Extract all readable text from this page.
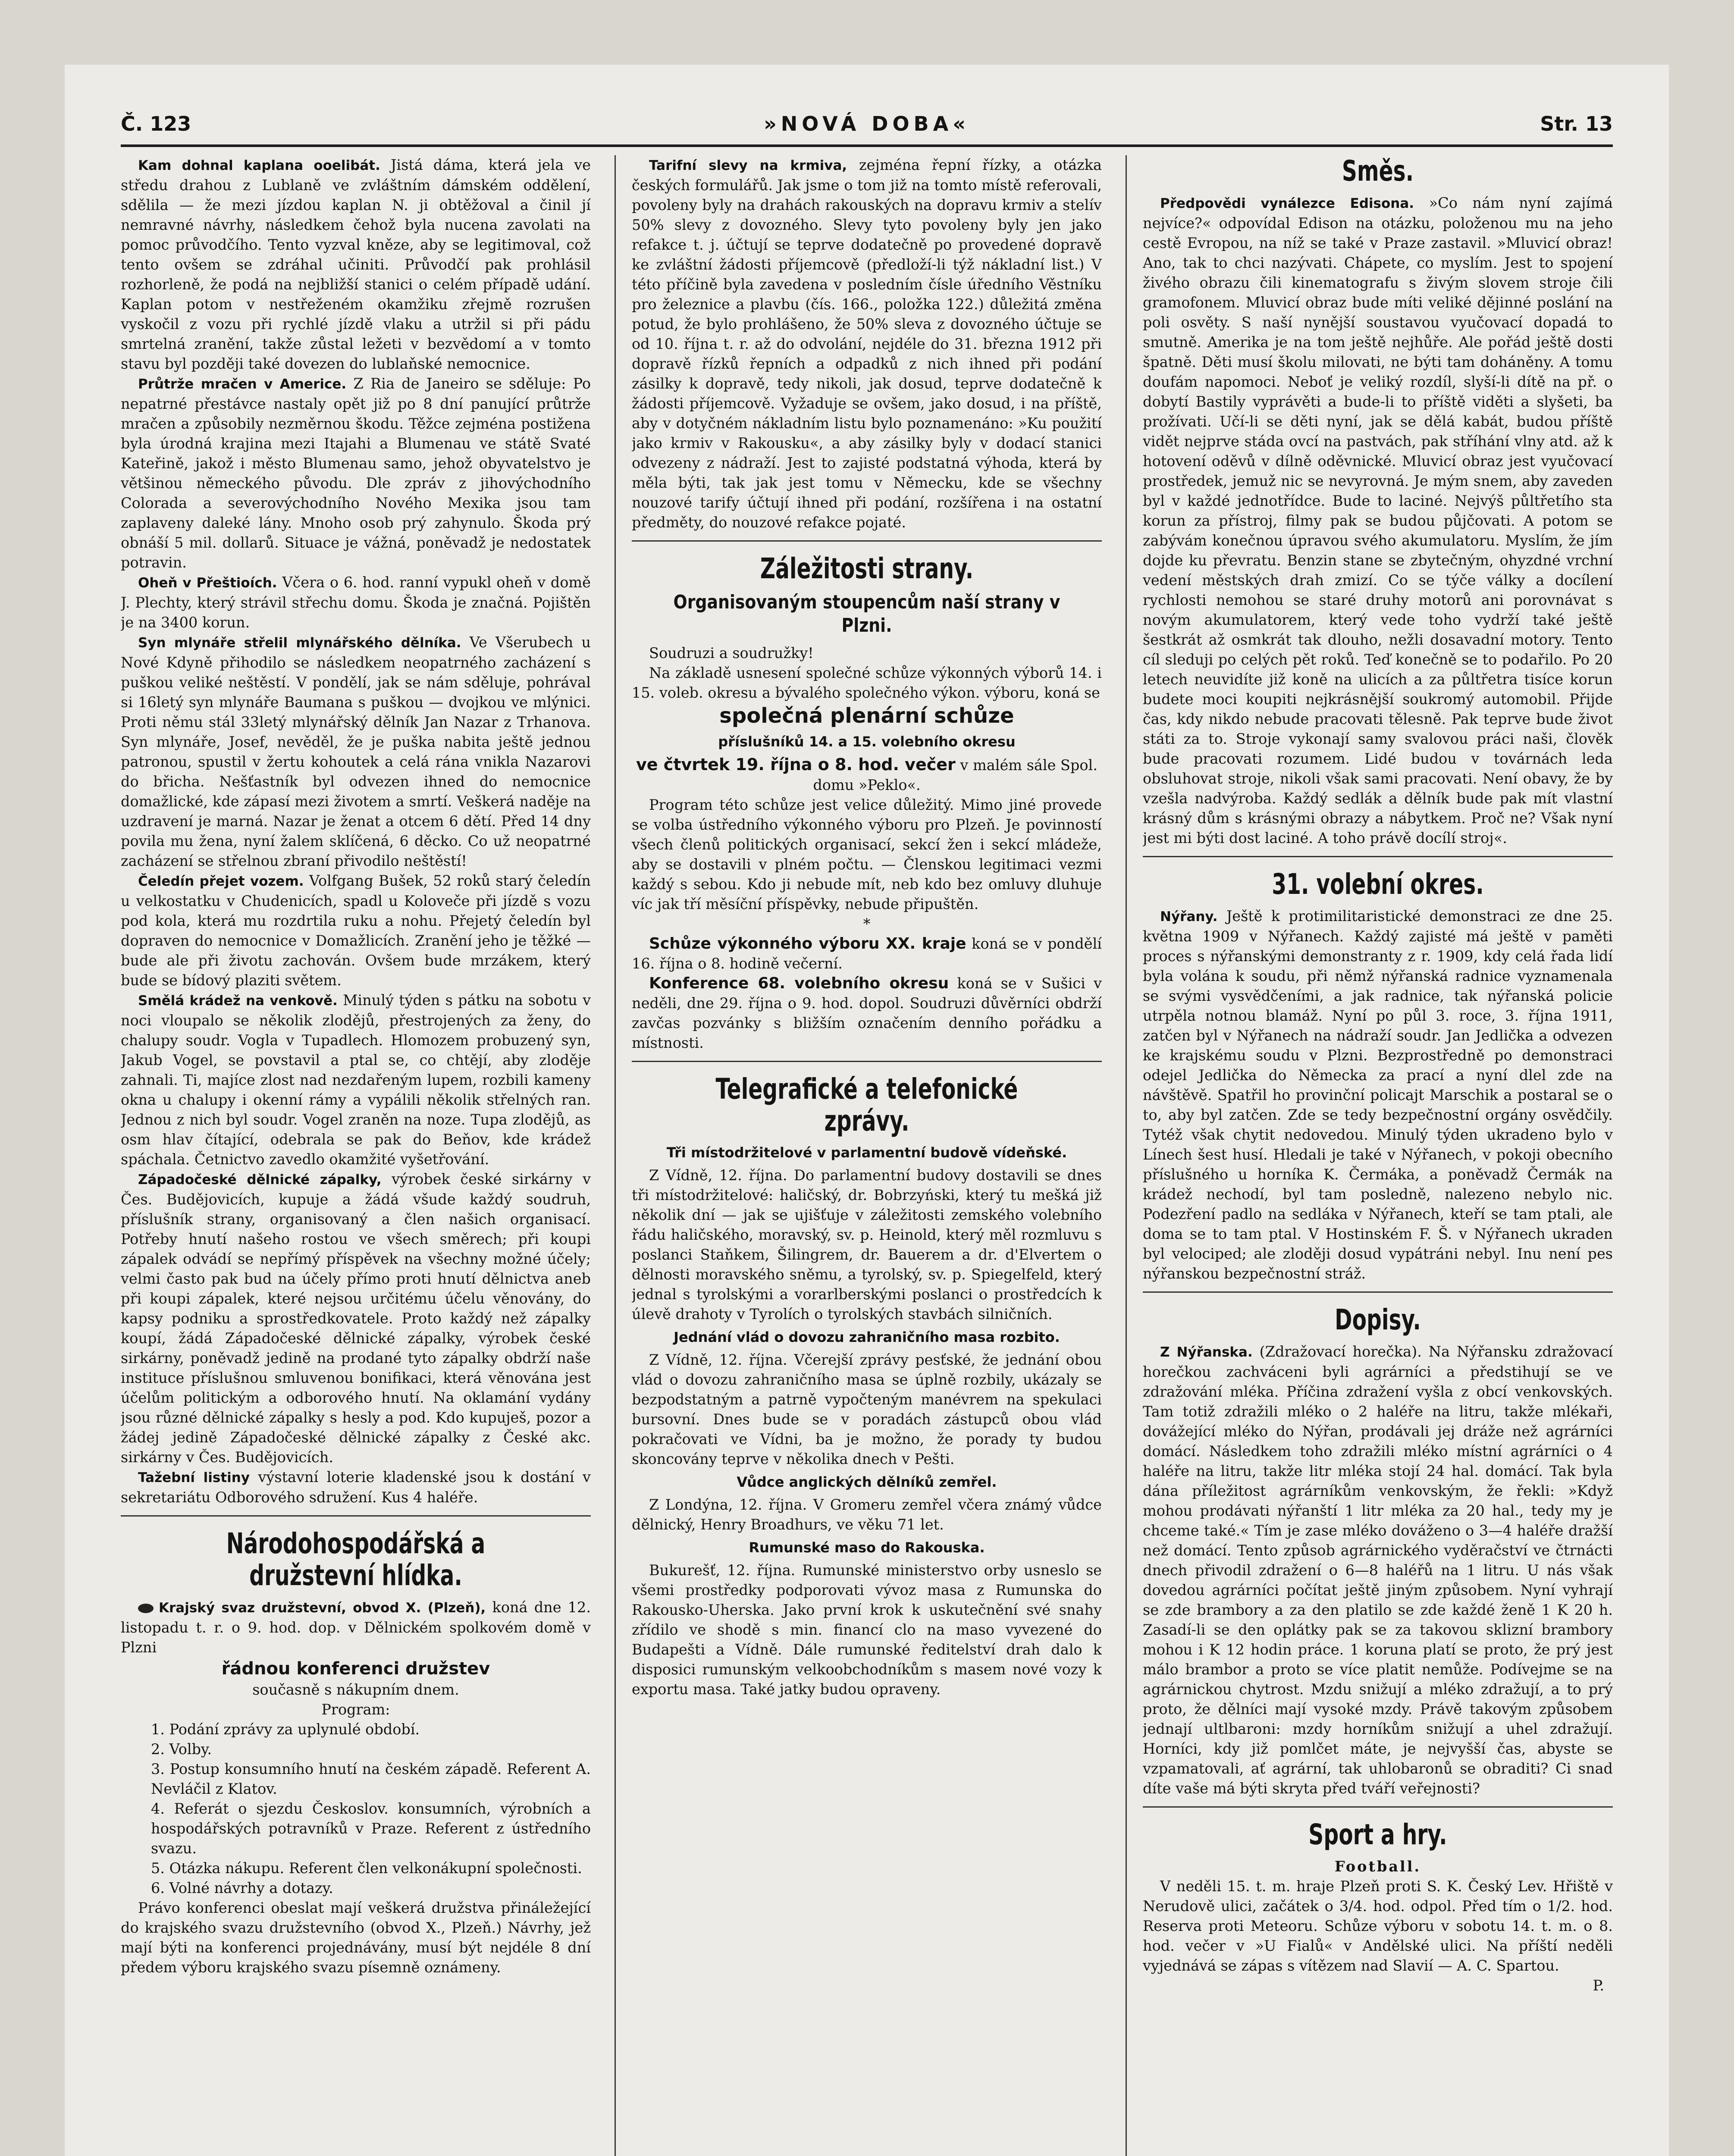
Č. 123	»NOVÁ DOBA«	Str. 13

Kam dohnal kaplana ooelibát. Jistá dáma, která jela ve středu drahou z Lublaně ve zvláštním dámském oddělení, sdělila — že mezi jízdou kaplan N. ji obtěžoval a činil jí nemravné návrhy, následkem čehož byla nucena zavolati na pomoc průvodčího. Tento vyzval kněze, aby se legitimoval, což tento ovšem se zdráhal učiniti. Průvodčí pak prohlásil rozhorleně, že podá na nejbližší stanici o celém případě udání. Kaplan potom v nestřeženém okamžiku zřejmě rozrušen vyskočil z vozu při rychlé jízdě vlaku a utržil si při pádu smrtelná zranění, takže zůstal ležeti v bezvědomí a v tomto stavu byl později také dovezen do lublaňské nemocnice.

Průtrže mračen v Americe. Z Ria de Janeiro se sděluje: Po nepatrné přestávce nastaly opět již po 8 dní panující průtrže mračen a způsobily nezměrnou škodu. Těžce zejména postižena byla úrodná krajina mezi Itajahi a Blumenau ve státě Svaté Kateřině, jakož i město Blumenau samo, jehož obyvatelstvo je většinou německého původu. Dle zpráv z jihovýchodního Colorada a severovýchodního Nového Mexika jsou tam zaplaveny daleké lány. Mnoho osob prý zahynulo. Škoda prý obnáší 5 mil. dollarů. Situace je vážná, poněvadž je nedostatek potravin.

Oheň v Přeštioích. Včera o 6. hod. ranní vypukl oheň v domě J. Plechty, který strávil střechu domu. Škoda je značná. Pojištěn je na 3400 korun.

Syn mlynáře střelil mlynářského dělníka. Ve Všerubech u Nové Kdyně přihodilo se následkem neopatrného zacházení s puškou veliké neštěstí. V pondělí, jak se nám sděluje, pohrával si 16letý syn mlynáře Baumana s puškou — dvojkou ve mlýnici. Proti němu stál 33letý mlynářský dělník Jan Nazar z Trhanova. Syn mlynáře, Josef, nevěděl, že je puška nabita ještě jednou patronou, spustil v žertu kohoutek a celá rána vnikla Nazarovi do břicha. Nešťastník byl odvezen ihned do nemocnice domažlické, kde zápasí mezi životem a smrtí. Veškerá naděje na uzdravení je marná. Nazar je ženat a otcem 6 dětí. Před 14 dny povila mu žena, nyní žalem sklíčená, 6 děcko. Co už neopatrné zacházení se střelnou zbraní přivodilo neštěstí!

Čeledín přejet vozem. Volfgang Bušek, 52 roků starý čeledín u velkostatku v Chudenicích, spadl u Koloveče při jízdě s vozu pod kola, která mu rozdrtila ruku a nohu. Přejetý čeledín byl dopraven do nemocnice v Domažlicích. Zranění jeho je těžké — bude ale při životu zachován. Ovšem bude mrzákem, který bude se bídový plaziti světem.

Smělá krádež na venkově. Minulý týden s pátku na sobotu v noci vloupalo se několik zlodějů, přestrojených za ženy, do chalupy soudr. Vogla v Tupadlech. Hlomozem probuzený syn, Jakub Vogel, se povstavil a ptal se, co chtějí, aby zloděje zahnali. Ti, majíce zlost nad nezdařeným lupem, rozbili kameny okna u chalupy i okenní rámy a vypálili několik střelných ran. Jednou z nich byl soudr. Vogel zraněn na noze. Tupa zlodějů, as osm hlav čítající, odebrala se pak do Beňov, kde krádež spáchala. Četnictvo zavedlo okamžité vyšetřování.

Západočeské dělnické zápalky, výrobek české sirkárny v Čes. Budějovicích, kupuje a žádá všude každý soudruh, příslušník strany, organisovaný a člen našich organisací. Potřeby hnutí našeho rostou ve všech směrech; při koupi zápalek odvádí se nepřímý příspěvek na všechny možné účely; velmi často pak bud na účely přímo proti hnutí dělnictva aneb při koupi zápalek, které nejsou určitému účelu věnovány, do kapsy podniku a sprostředkovatele. Proto každý než zápalky koupí, žádá Západočeské dělnické zápalky, výrobek české sirkárny, poněvadž jedině na prodané tyto zápalky obdrží naše instituce příslušnou smluvenou bonifikaci, která věnována jest účelům politickým a odborového hnutí. Na oklamání vydány jsou různé dělnické zápalky s hesly a pod. Kdo kupuješ, pozor a žádej jedině Západočeské dělnické zápalky z České akc. sirkárny v Čes. Budějovicích.

Tažební listiny výstavní loterie kladenské jsou k dostání v sekretariátu Odborového sdružení. Kus 4 haléře.

Národohospodářská a družstevní hlídka.

Krajský svaz družstevní, obvod X. (Plzeň), koná dne 12. listopadu t. r. o 9. hod. dop. v Dělnickém spolkovém domě v Plzni

řádnou konferenci družstev

současně s nákupním dnem.

Program:

1. Podání zprávy za uplynulé období.

2. Volby.

3. Postup konsumního hnutí na českém západě. Referent A. Nevláčil z Klatov.

4. Referát o sjezdu Českoslov. konsumních, výrobních a hospodářských potravníků v Praze. Referent z ústředního svazu.

5. Otázka nákupu. Referent člen velkonákupní společnosti.

6. Volné návrhy a dotazy.

Právo konferenci obeslat mají veškerá družstva přináležející do krajského svazu družstevního (obvod X., Plzeň.) Návrhy, jež mají býti na konferenci projednávány, musí být nejdéle 8 dní předem výboru krajského svazu písemně oznámeny.

Tarifní slevy na krmiva, zejména řepní řízky, a otázka českých formulářů. Jak jsme o tom již na tomto místě referovali, povoleny byly na drahách rakouských na dopravu krmiv a stelív 50% slevy z dovozného. Slevy tyto povoleny byly jen jako refakce t. j. účtují se teprve dodatečně po provedené dopravě ke zvláštní žádosti příjemcově (předloží-li týž nákladní list.) V této příčině byla zavedena v posledním čísle úředního Věstníku pro železnice a plavbu (čís. 166., položka 122.) důležitá změna potud, že bylo prohlášeno, že 50% sleva z dovozného účtuje se od 10. října t. r. až do odvolání, nejdéle do 31. března 1912 při dopravě řízků řepních a odpadků z nich ihned při podání zásilky k dopravě, tedy nikoli, jak dosud, teprve dodatečně k žádosti příjemcově. Vyžaduje se ovšem, jako dosud, i na příště, aby v dotyčném nákladním listu bylo poznamenáno: »Ku použití jako krmiv v Rakousku«, a aby zásilky byly v dodací stanici odvezeny z nádraží. Jest to zajisté podstatná výhoda, která by měla býti, tak jak jest tomu v Německu, kde se všechny nouzové tarify účtují ihned při podání, rozšířena i na ostatní předměty, do nouzové refakce pojaté.

Záležitosti strany.
Organisovaným stoupencům naší strany v Plzni.

Soudruzi a soudružky!

Na základě usnesení společné schůze výkonných výborů 14. i 15. voleb. okresu a bývalého společného výkon. výboru, koná se

společná plenární schůze
příslušníků 14. a 15. volebního okresu

ve čtvrtek 19. října o 8. hod. večer v malém sále Spol. domu »Peklo«.

Program této schůze jest velice důležitý. Mimo jiné provede se volba ústředního výkonného výboru pro Plzeň. Je povinností všech členů politických organisací, sekcí žen i sekcí mládeže, aby se dostavili v plném počtu. — Členskou legitimaci vezmi každý s sebou. Kdo ji nebude mít, neb kdo bez omluvy dluhuje víc jak tří měsíční příspěvky, nebude připuštěn.

*

Schůze výkonného výboru XX. kraje koná se v pondělí 16. října o 8. hodině večerní.

Konference 68. volebního okresu koná se v Sušici v neděli, dne 29. října o 9. hod. dopol. Soudruzi důvěrníci obdrží zavčas pozvánky s bližším označením denního pořádku a místnosti.

Telegrafické a telefonické zprávy.
Tři místodržitelové v parlamentní budově vídeňské.

Z Vídně, 12. října. Do parlamentní budovy dostavili se dnes tři místodržitelové: haličský, dr. Bobrzyński, který tu mešká již několik dní — jak se ujišťuje v záležitosti zemského volebního řádu haličského, moravský, sv. p. Heinold, který měl rozmluvu s poslanci Staňkem, Šilingrem, dr. Bauerem a dr. d'Elvertem o dělnosti moravského sněmu, a tyrolský, sv. p. Spiegelfeld, který jednal s tyrolskými a vorarlberskými poslanci o prostředcích k úlevě drahoty v Tyrolích o tyrolských stavbách silničních.

Jednání vlád o dovozu zahraničního masa rozbito.

Z Vídně, 12. října. Včerejší zprávy pesťské, že jednání obou vlád o dovozu zahraničního masa se úplně rozbily, ukázaly se bezpodstatným a patrně vypočteným manévrem na spekulaci bursovní. Dnes bude se v poradách zástupců obou vlád pokračovati ve Vídni, ba je možno, že porady ty budou skoncovány teprve v několika dnech v Pešti.

Vůdce anglických dělníků zemřel.

Z Londýna, 12. října. V Gromeru zemřel včera známý vůdce dělnický, Henry Broadhurs, ve věku 71 let.

Rumunské maso do Rakouska.

Bukurešť, 12. října. Rumunské ministerstvo orby usneslo se všemi prostředky podporovati vývoz masa z Rumunska do Rakousko-Uherska. Jako první krok k uskutečnění své snahy zřídilo ve shodě s min. financí clo na maso vyvezené do Budapešti a Vídně. Dále rumunské ředitelství drah dalo k disposici rumunským velkoobchodníkům s masem nové vozy k exportu masa. Také jatky budou opraveny.

Směs.

Předpovědi vynálezce Edisona. »Co nám nyní zajímá nejvíce?« odpovídal Edison na otázku, položenou mu na jeho cestě Evropou, na níž se také v Praze zastavil. »Mluvicí obraz! Ano, tak to chci nazývati. Chápete, co myslím. Jest to spojení živého obrazu čili kinematografu s živým slovem stroje čili gramofonem. Mluvicí obraz bude míti veliké dějinné poslání na poli osvěty. S naší nynější soustavou vyučovací dopadá to smutně. Amerika je na tom ještě nejhůře. Ale pořád ještě dosti špatně. Děti musí školu milovati, ne býti tam doháněny. A tomu doufám napomoci. Neboť je veliký rozdíl, slyší-li dítě na př. o dobytí Bastily vyprávěti a bude-li to příště viděti a slyšeti, ba prožívati. Učí-li se děti nyní, jak se dělá kabát, budou příště vidět nejprve stáda ovcí na pastvách, pak stříhání vlny atd. až k hotovení oděvů v dílně oděvnické. Mluvicí obraz jest vyučovací prostředek, jemuž nic se nevyrovná. Je mým snem, aby zaveden byl v každé jednotřídce. Bude to laciné. Nejvýš půltřetího sta korun za přístroj, filmy pak se budou půjčovati. A potom se zabývám konečnou úpravou svého akumulatoru. Myslím, že jím dojde ku převratu. Benzin stane se zbytečným, ohyzdné vrchní vedení městských drah zmizí. Co se týče války a docílení rychlosti nemohou se staré druhy motorů ani porovnávat s novým akumulatorem, který vede toho vydrží také ještě šestkrát až osmkrát tak dlouho, nežli dosavadní motory. Tento cíl sleduji po celých pět roků. Teď konečně se to podařilo. Po 20 letech neuvidíte již koně na ulicích a za půltřetra tisíce korun budete moci koupiti nejkrásnější soukromý automobil. Přijde čas, kdy nikdo nebude pracovati tělesně. Pak teprve bude život státi za to. Stroje vykonají samy svalovou práci naši, člověk bude pracovati rozumem. Lidé budou v továrnách leda obsluhovat stroje, nikoli však sami pracovati. Není obavy, že by vzešla nadvýroba. Každý sedlák a dělník bude pak mít vlastní krásný dům s krásnými obrazy a nábytkem. Proč ne? Však nyní jest mi býti dost laciné. A toho právě docílí stroj«.

31. volební okres.

Nýřany. Ještě k protimilitaristické demonstraci ze dne 25. května 1909 v Nýřanech. Každý zajisté má ještě v paměti proces s nýřanskými demonstranty z r. 1909, kdy celá řada lidí byla volána k soudu, při němž nýřanská radnice vyznamenala se svými vysvědčeními, a jak radnice, tak nýřanská policie utrpěla notnou blamáž. Nyní po půl 3. roce, 3. října 1911, zatčen byl v Nýřanech na nádraží soudr. Jan Jedlička a odvezen ke krajskému soudu v Plzni. Bezprostředně po demonstraci odejel Jedlička do Německa za prací a nyní dlel zde na návštěvě. Spatřil ho provinční policajt Marschik a postaral se o to, aby byl zatčen. Zde se tedy bezpečnostní orgány osvědčily. Tytéž však chytit nedovedou. Minulý týden ukradeno bylo v Línech šest husí. Hledali je také v Nýřanech, v pokoji obecního příslušného u horníka K. Čermáka, a poněvadž Čermák na krádež nechodí, byl tam posledně, nalezeno nebylo nic. Podezření padlo na sedláka v Nýřanech, kteří se tam ptali, ale doma se to tam ptal. V Hostinském F. Š. v Nýřanech ukraden byl velociped; ale zloději dosud vypátráni nebyl. Inu není pes nýřanskou bezpečnostní stráž.

Dopisy.

Z Nýřanska. (Zdražovací horečka). Na Nýřansku zdražovací horečkou zachváceni byli agrárníci a předstihují se ve zdražování mléka. Příčina zdražení vyšla z obcí venkovských. Tam totiž zdražili mléko o 2 haléře na litru, takže mlékaři, dovážející mléko do Nýřan, prodávali jej dráže než agrárníci domácí. Následkem toho zdražili mléko místní agrárníci o 4 haléře na litru, takže litr mléka stojí 24 hal. domácí. Tak byla dána příležitost agrárníkům venkovským, že řekli: »Když mohou prodávati nýřanští 1 litr mléka za 20 hal., tedy my je chceme také.« Tím je zase mléko dováženo o 3—4 haléře dražší než domácí. Tento způsob agrárnického vyděračství ve čtrnácti dnech přivodil zdražení o 6—8 haléřů na 1 litru. U nás však dovedou agrárníci počítat ještě jiným způsobem. Nyní vyhrají se zde brambory a za den platilo se zde každé ženě 1 K 20 h. Zasadí-li se den oplátky pak se za takovou sklizní brambory mohou i K 12 hodin práce. 1 koruna platí se proto, že prý jest málo brambor a proto se více platit nemůže. Podívejme se na agrárnickou chytrost. Mzdu snižují a mléko zdražují, a to prý proto, že dělníci mají vysoké mzdy. Právě takovým způsobem jednají ultlbaroni: mzdy horníkům snižují a uhel zdražují. Horníci, kdy již pomlčet máte, je nejvyšší čas, abyste se vzpamatovali, ať agrární, tak uhlobaronů se obraditi? Ci snad díte vaše má býti skryta před tváří veřejnosti?

Sport a hry.

Football.

V neděli 15. t. m. hraje Plzeň proti S. K. Český Lev. Hřiště v Nerudově ulici, začátek o 3/4. hod. odpol. Před tím o 1/2. hod. Reserva proti Meteoru. Schůze výboru v sobotu 14. t. m. o 8. hod. večer v »U Fialů« v Andělské ulici. Na příští neděli vyjednává se zápas s vítězem nad Slavií — A. C. Spartou.

P.
